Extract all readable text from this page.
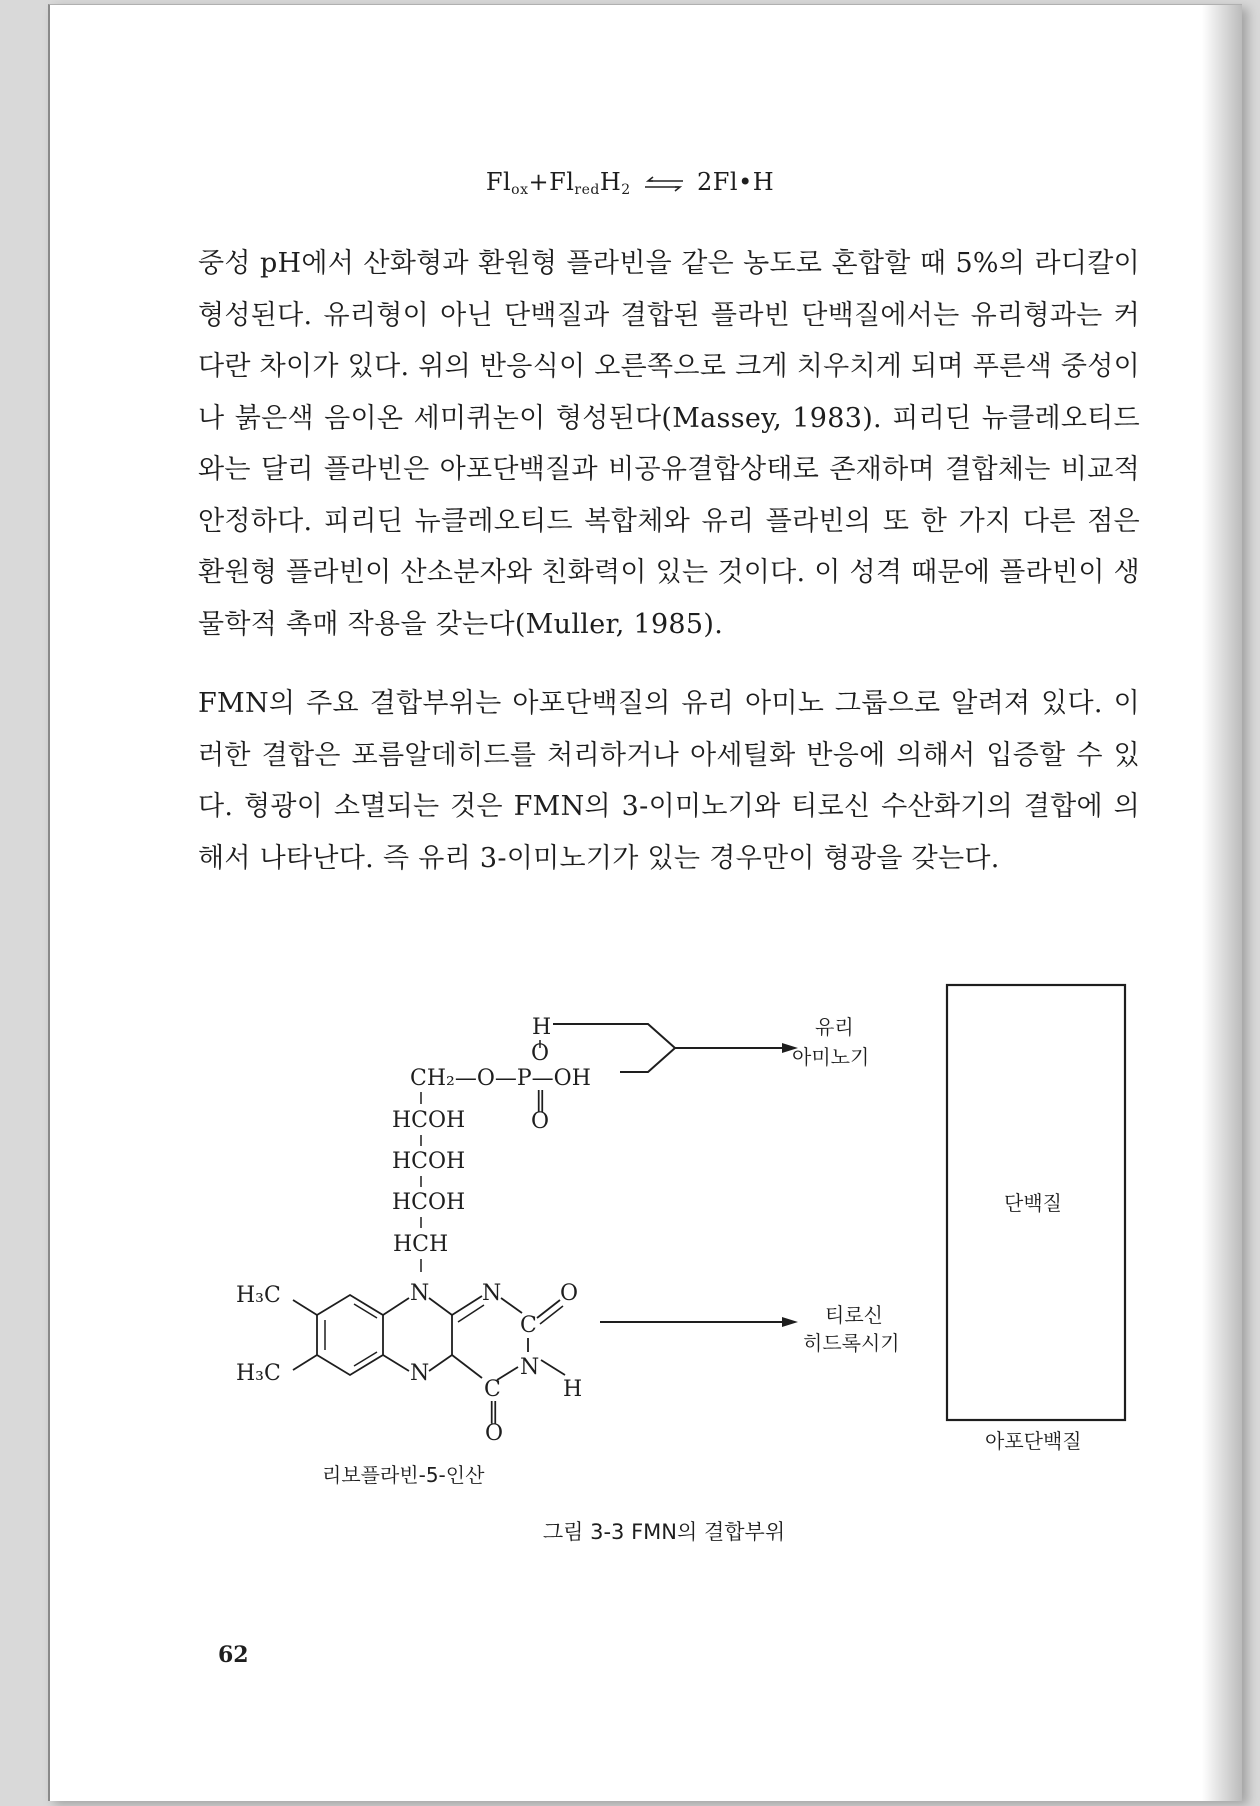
$Fl_{ox}+Fl_{red}H_2$ ⇌ 2Fl•H

중성 pH에서 산화형과 환원형 플라빈을 같은 농도로 혼합할 때 5%의 라디칼이 형성된다. 유리형이 아닌 단백질과 결합된 플라빈 단백질에서는 유리형과는 커다란 차이가 있다. 위의 반응식이 오른쪽으로 크게 치우치게 되며 푸른색 중성이나 붉은색 음이온 세미퀴논이 형성된다(Massey, 1983). 피리딘 뉴클레오티드와는 달리 플라빈은 아포단백질과 비공유결합상태로 존재하며 결합체는 비교적 안정하다. 피리딘 뉴클레오티드 복합체와 유리 플라빈의 또 한 가지 다른 점은 환원형 플라빈이 산소분자와 친화력이 있는 것이다. 이 성격 때문에 플라빈이 생물학적 촉매 작용을 갖는다(Muller, 1985).

FMN의 주요 결합부위는 아포단백질의 유리 아미노 그룹으로 알려져 있다. 이러한 결합은 포름알데히드를 처리하거나 아세틸화 반응에 의해서 입증할 수 있다. 형광이 소멸되는 것은 FMN의 3-이미노기와 티로신 수산화기의 결합에 의해서 나타난다. 즉 유리 3-이미노기가 있는 경우만이 형광을 갖는다.

H
O
CH₂—O—P—OH
‖
O
HCOH
HCOH
HCOH
HCH
N
N
N
C
O
N
H
C
‖
O
H₃C
H₃C
유리
아미노기
티로신
히드록시기
단백질
아포단백질
리보플라빈-5-인산
그림 3-3 FMN의 결합부위
62
